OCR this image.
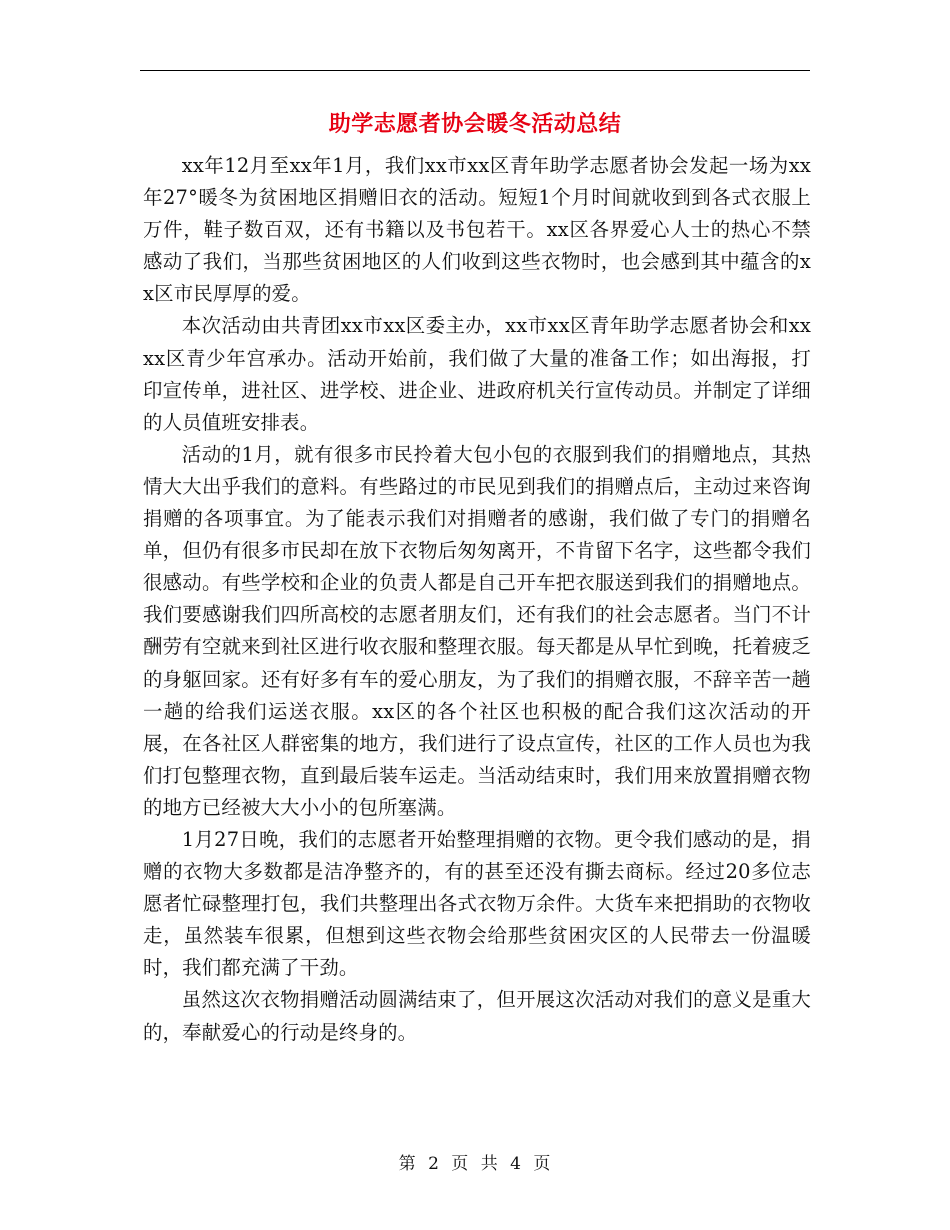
助学志愿者协会暖冬活动总结

xx年12月至xx年1月，我们xx市xx区青年助学志愿者协会发起一场为xx年27°暖冬为贫困地区捐赠旧衣的活动。短短1个月时间就收到到各式衣服上万件，鞋子数百双，还有书籍以及书包若干。xx区各界爱心人士的热心不禁感动了我们，当那些贫困地区的人们收到这些衣物时，也会感到其中蕴含的xx区市民厚厚的爱。

本次活动由共青团xx市xx区委主办，xx市xx区青年助学志愿者协会和xxxx区青少年宫承办。活动开始前，我们做了大量的准备工作；如出海报，打印宣传单，进社区、进学校、进企业、进政府机关行宣传动员。并制定了详细的人员值班安排表。

活动的1月，就有很多市民拎着大包小包的衣服到我们的捐赠地点，其热情大大出乎我们的意料。有些路过的市民见到我们的捐赠点后，主动过来咨询捐赠的各项事宜。为了能表示我们对捐赠者的感谢，我们做了专门的捐赠名单，但仍有很多市民却在放下衣物后匆匆离开，不肯留下名字，这些都令我们很感动。有些学校和企业的负责人都是自己开车把衣服送到我们的捐赠地点。我们要感谢我们四所高校的志愿者朋友们，还有我们的社会志愿者。当门不计酬劳有空就来到社区进行收衣服和整理衣服。每天都是从早忙到晚，托着疲乏的身躯回家。还有好多有车的爱心朋友，为了我们的捐赠衣服，不辞辛苦一趟一趟的给我们运送衣服。xx区的各个社区也积极的配合我们这次活动的开展，在各社区人群密集的地方，我们进行了设点宣传，社区的工作人员也为我们打包整理衣物，直到最后装车运走。当活动结束时，我们用来放置捐赠衣物的地方已经被大大小小的包所塞满。

1月27日晚，我们的志愿者开始整理捐赠的衣物。更令我们感动的是，捐赠的衣物大多数都是洁净整齐的，有的甚至还没有撕去商标。经过20多位志愿者忙碌整理打包，我们共整理出各式衣物万余件。大货车来把捐助的衣物收走，虽然装车很累，但想到这些衣物会给那些贫困灾区的人民带去一份温暖时，我们都充满了干劲。

虽然这次衣物捐赠活动圆满结束了，但开展这次活动对我们的意义是重大的，奉献爱心的行动是终身的。

第 2 页 共 4 页
